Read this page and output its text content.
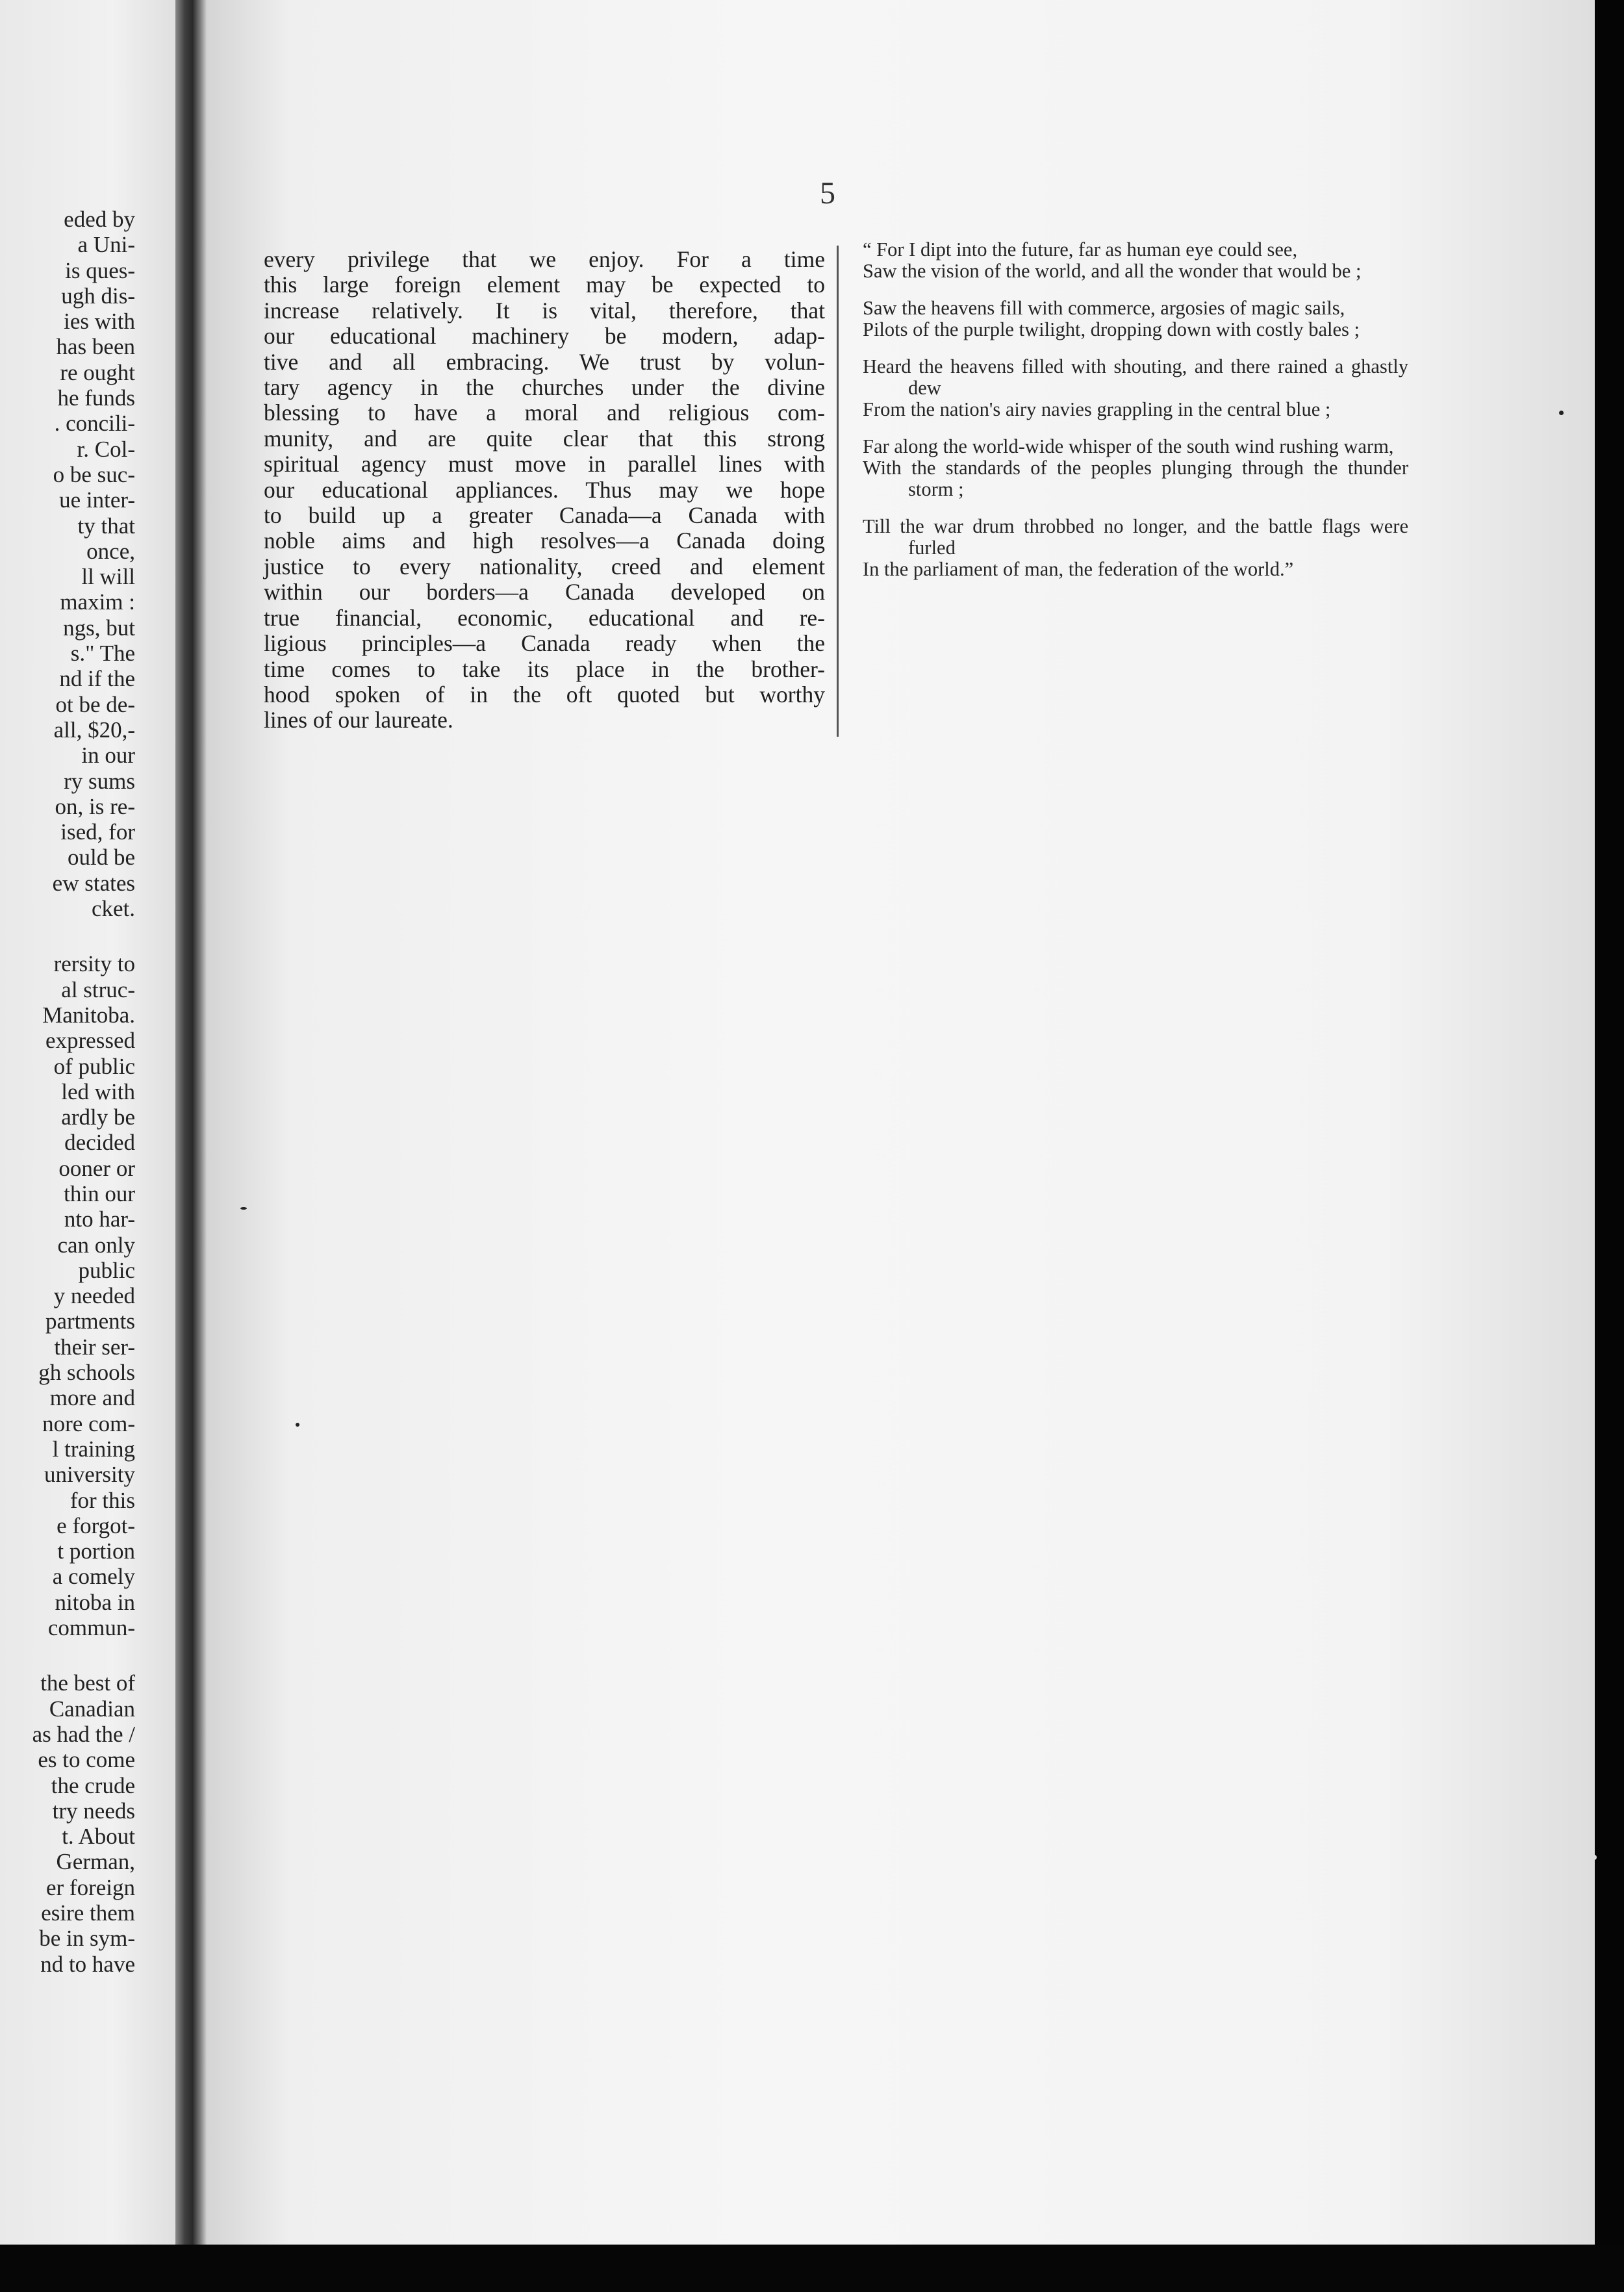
eded by
a Uni-
is ques-
ugh dis-
ies with
has been
re ought
he funds
. concili-
r. Col-
o be suc-
ue inter-
ty that
once,
ll will
maxim :
ngs, but
s." The
nd if the
ot be de-
all, $20,-
in our
ry sums
on, is re-
ised, for
ould be
ew states
cket.
rersity to
al struc-
Manitoba.
expressed
of public
led with
ardly be
decided
ooner or
thin our
nto har-
can only
public
y needed
partments
their ser-
gh schools
more and
nore com-
l training
university
for this
e forgot-
t portion
a comely
nitoba in
commun-
the best of
Canadian
as had the /
es to come
the crude
try needs
t. About
German,
er foreign
esire them
be in sym-
nd to have
5
every privilege that we enjoy. For a time
this large foreign element may be expected to
increase relatively. It is vital, therefore, that
our educational machinery be modern, adap-
tive and all embracing. We trust by volun-
tary agency in the churches under the divine
blessing to have a moral and religious com-
munity, and are quite clear that this strong
spiritual agency must move in parallel lines with
our educational appliances. Thus may we hope
to build up a greater Canada—a Canada with
noble aims and high resolves—a Canada doing
justice to every nationality, creed and element
within our borders—a Canada developed on
true financial, economic, educational and re-
ligious principles—a Canada ready when the
time comes to take its place in the brother-
hood spoken of in the oft quoted but worthy
lines of our laureate.
“ For I dipt into the future, far as human eye could see,
Saw the vision of the world, and all the wonder that would be ;
Saw the heavens fill with commerce, argosies of magic sails,
Pilots of the purple twilight, dropping down with costly bales ;
Heard the heavens filled with shouting, and there rained a ghastly dew
From the nation's airy navies grappling in the central blue ;
Far along the world-wide whisper of the south wind rushing warm,
With the standards of the peoples plunging through the thunder storm ;
Till the war drum throbbed no longer, and the battle flags were furled
In the parliament of man, the federation of the world.”
